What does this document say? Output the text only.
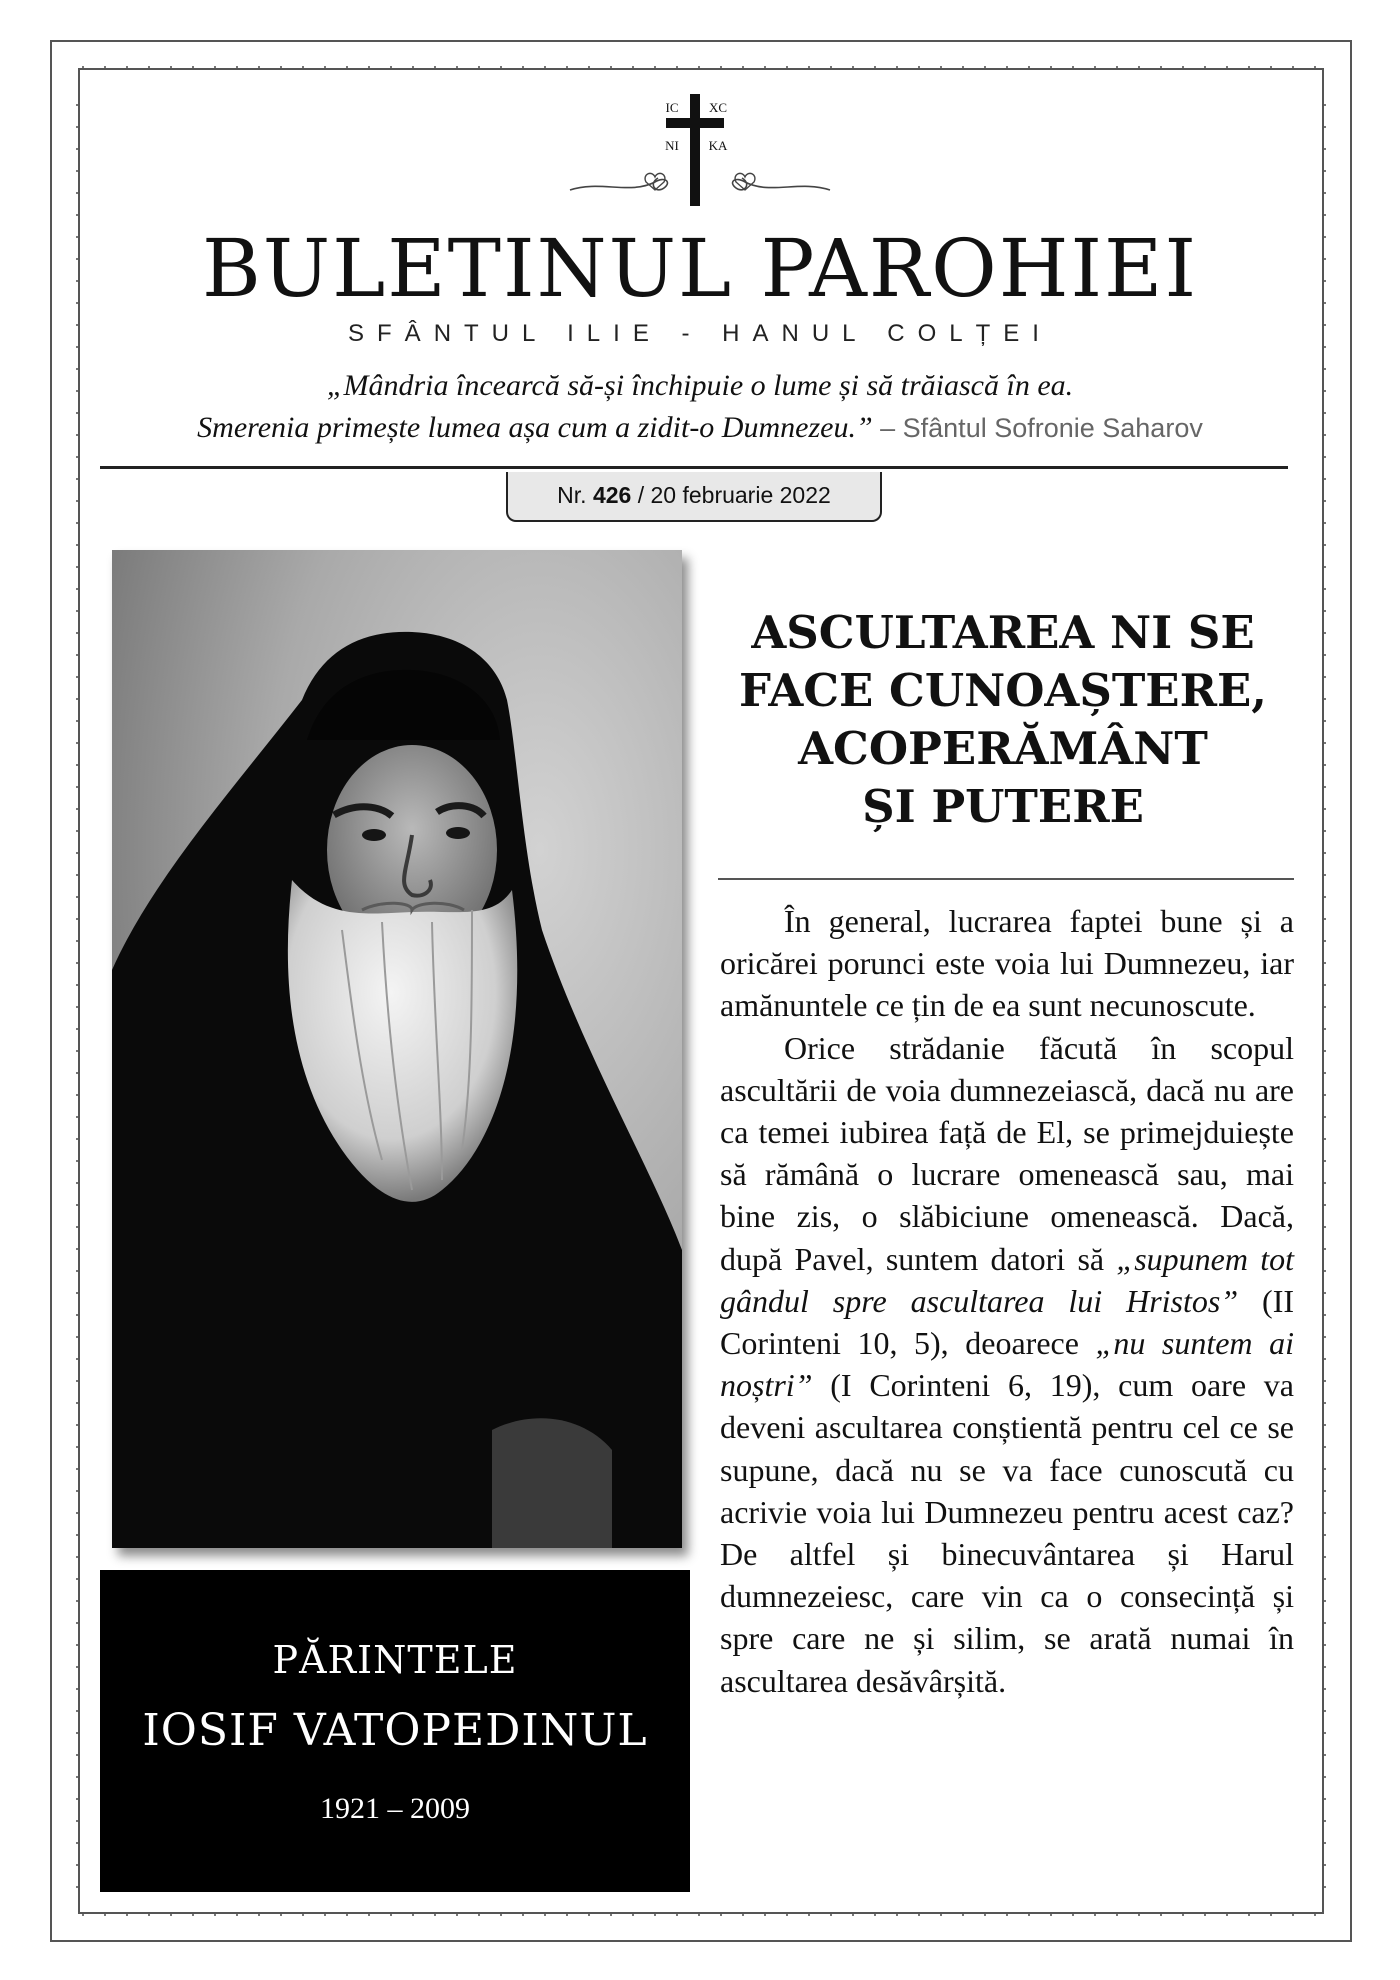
IC XC
NI KA
BULETINUL PAROHIEI
SFÂNTUL ILIE - HANUL COLȚEI
„Mândria încearcă să-și închipuie o lume și să trăiască în ea.
Smerenia primește lumea așa cum a zidit-o Dumnezeu.” – Sfântul Sofronie Saharov
Nr. 426 / 20 februarie 2022
PĂRINTELE
IOSIF VATOPEDINUL
1921 – 2009
ASCULTAREA NI SE
FACE CUNOAȘTERE,
ACOPERĂMÂNT
ȘI PUTERE

În general, lucrarea faptei bune și a oricărei porunci este voia lui Dumnezeu, iar amănuntele ce țin de ea sunt necunoscute.

Orice strădanie făcută în scopul ascultării de voia dumnezeiască, dacă nu are ca temei iubirea față de El, se primejduiește să rămână o lucrare omenească sau, mai bine zis, o slăbiciune omenească. Dacă, după Pavel, suntem datori să „supunem tot gândul spre ascultarea lui Hristos” (II Corinteni 10, 5), deoarece „nu suntem ai noștri” (I Corinteni 6, 19), cum oare va deveni ascultarea conștientă pentru cel ce se supune, dacă nu se va face cunoscută cu acrivie voia lui Dumnezeu pentru acest caz? De altfel și binecuvântarea și Harul dumnezeiesc, care vin ca o consecință și spre care ne și silim, se arată numai în ascultarea desăvârșită.
